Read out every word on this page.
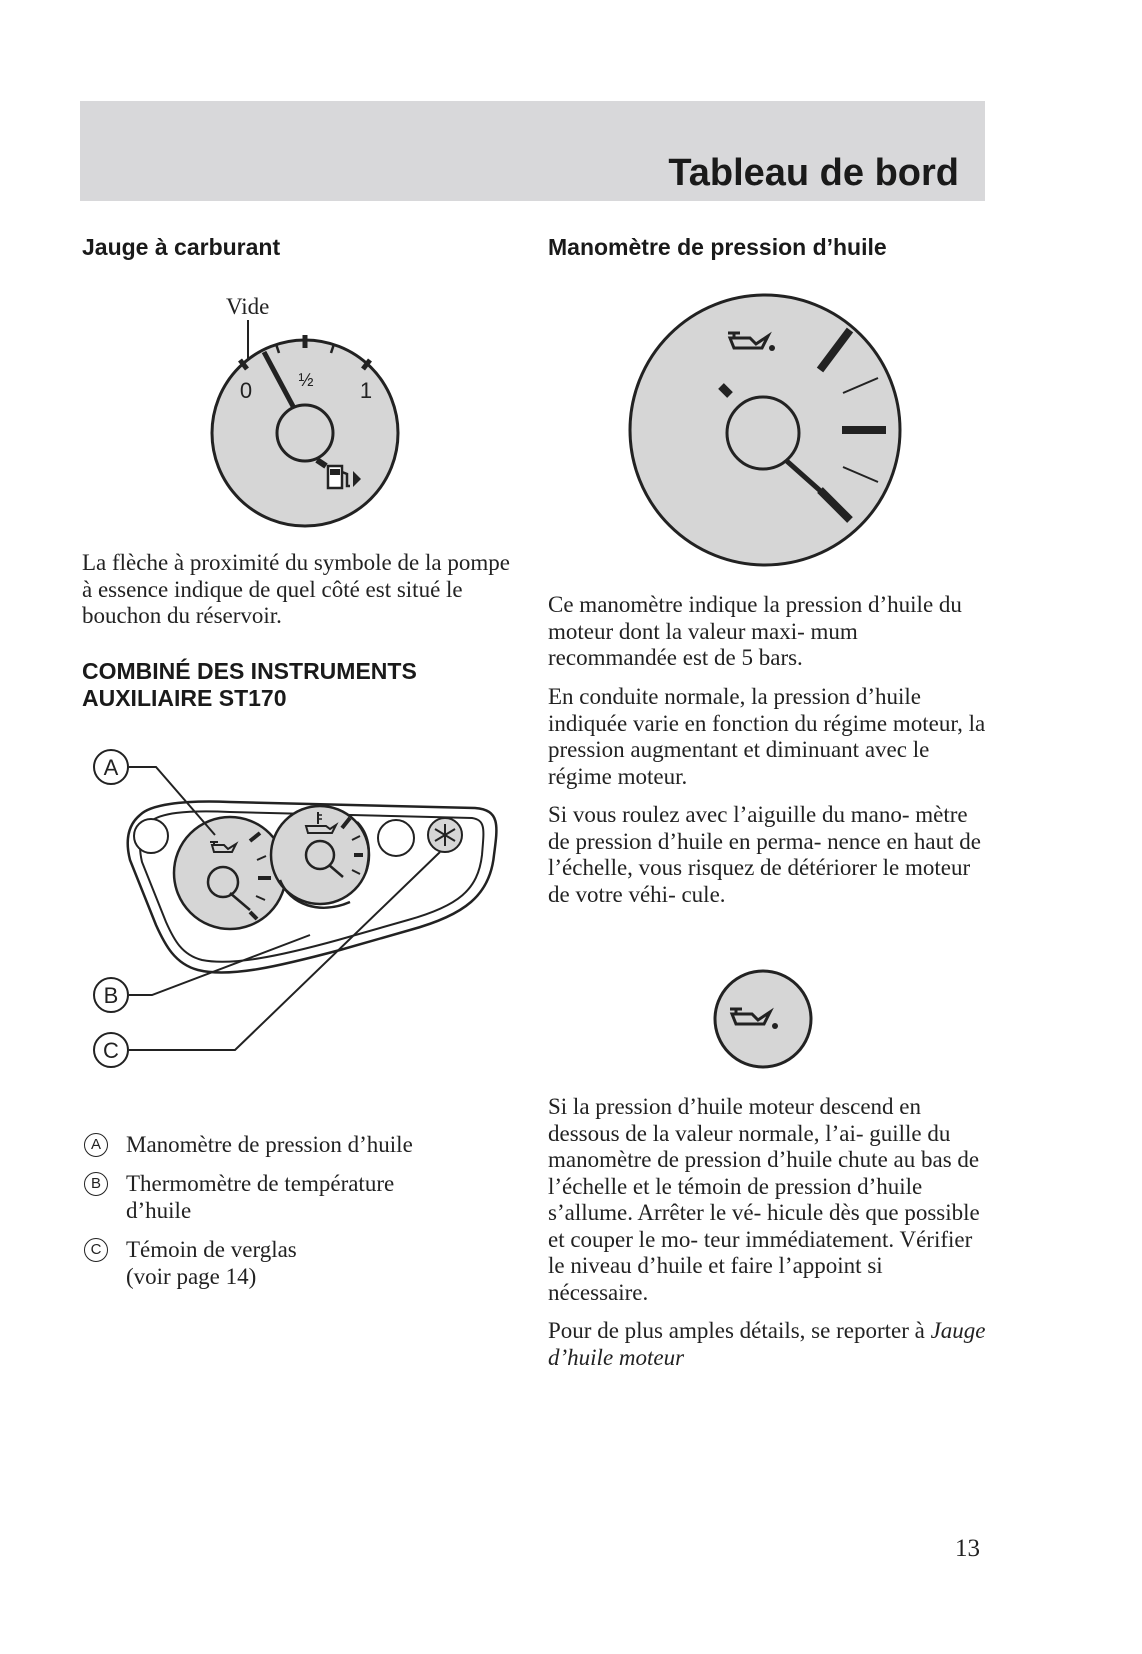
Tableau de bord
Jauge à carburant
Vide
0	½ 1

La flèche à proximité du symbole de la pompe à essence indique de quel côté est situé le bouchon du réservoir.

COMBINÉ DES INSTRUMENTS
AUXILIAIRE ST170
A
B
C
A	Manomètre de pression d’huile
B	Thermomètre de température d’huile
C Témoin de verglas (voir page 14)
Manomètre de pression d’huile

Ce manomètre indique la pression d’huile du moteur dont la valeur maxi- mum recommandée est de 5 bars.

En conduite normale, la pression d’huile indiquée varie en fonction du régime moteur, la pression augmentant et diminuant avec le régime moteur.

Si vous roulez avec l’aiguille du mano- mètre de pression d’huile en perma- nence en haut de l’échelle, vous risquez de détériorer le moteur de votre véhi- cule.

Si la pression d’huile moteur descend en dessous de la valeur normale, l’ai- guille du manomètre de pression d’huile chute au bas de l’échelle et le témoin de pression d’huile s’allume. Arrêter le vé- hicule dès que possible et couper le mo- teur immédiatement. Vérifier le niveau d’huile et faire l’appoint si nécessaire.

Pour de plus amples détails, se reporter à Jauge d’huile moteur

13
